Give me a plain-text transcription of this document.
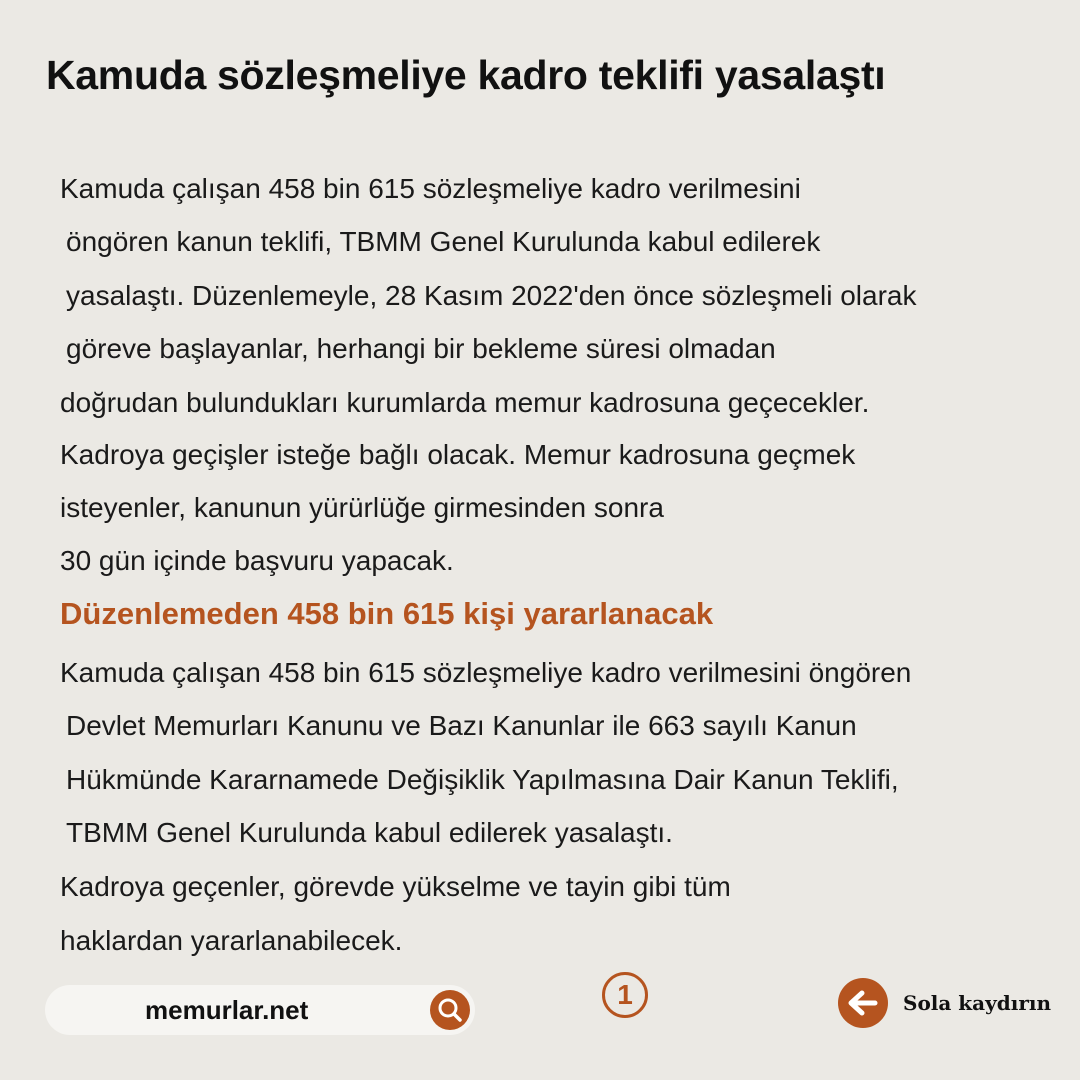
Kamuda sözleşmeliye kadro teklifi yasalaştı
Kamuda çalışan 458 bin 615 sözleşmeliye kadro verilmesini
öngören kanun teklifi, TBMM Genel Kurulunda kabul edilerek
yasalaştı. Düzenlemeyle, 28 Kasım 2022'den önce sözleşmeli olarak
göreve başlayanlar, herhangi bir bekleme süresi olmadan
doğrudan bulundukları kurumlarda memur kadrosuna geçecekler.
Kadroya geçişler isteğe bağlı olacak. Memur kadrosuna geçmek
isteyenler, kanunun yürürlüğe girmesinden sonra
30 gün içinde başvuru yapacak.
Düzenlemeden 458 bin 615 kişi yararlanacak
Kamuda çalışan 458 bin 615 sözleşmeliye kadro verilmesini öngören
Devlet Memurları Kanunu ve Bazı Kanunlar ile 663 sayılı Kanun
Hükmünde Kararnamede Değişiklik Yapılmasına Dair Kanun Teklifi,
TBMM Genel Kurulunda kabul edilerek yasalaştı.
Kadroya geçenler, görevde yükselme ve tayin gibi tüm
haklardan yararlanabilecek.
memurlar.net	1	Sola kaydırın
